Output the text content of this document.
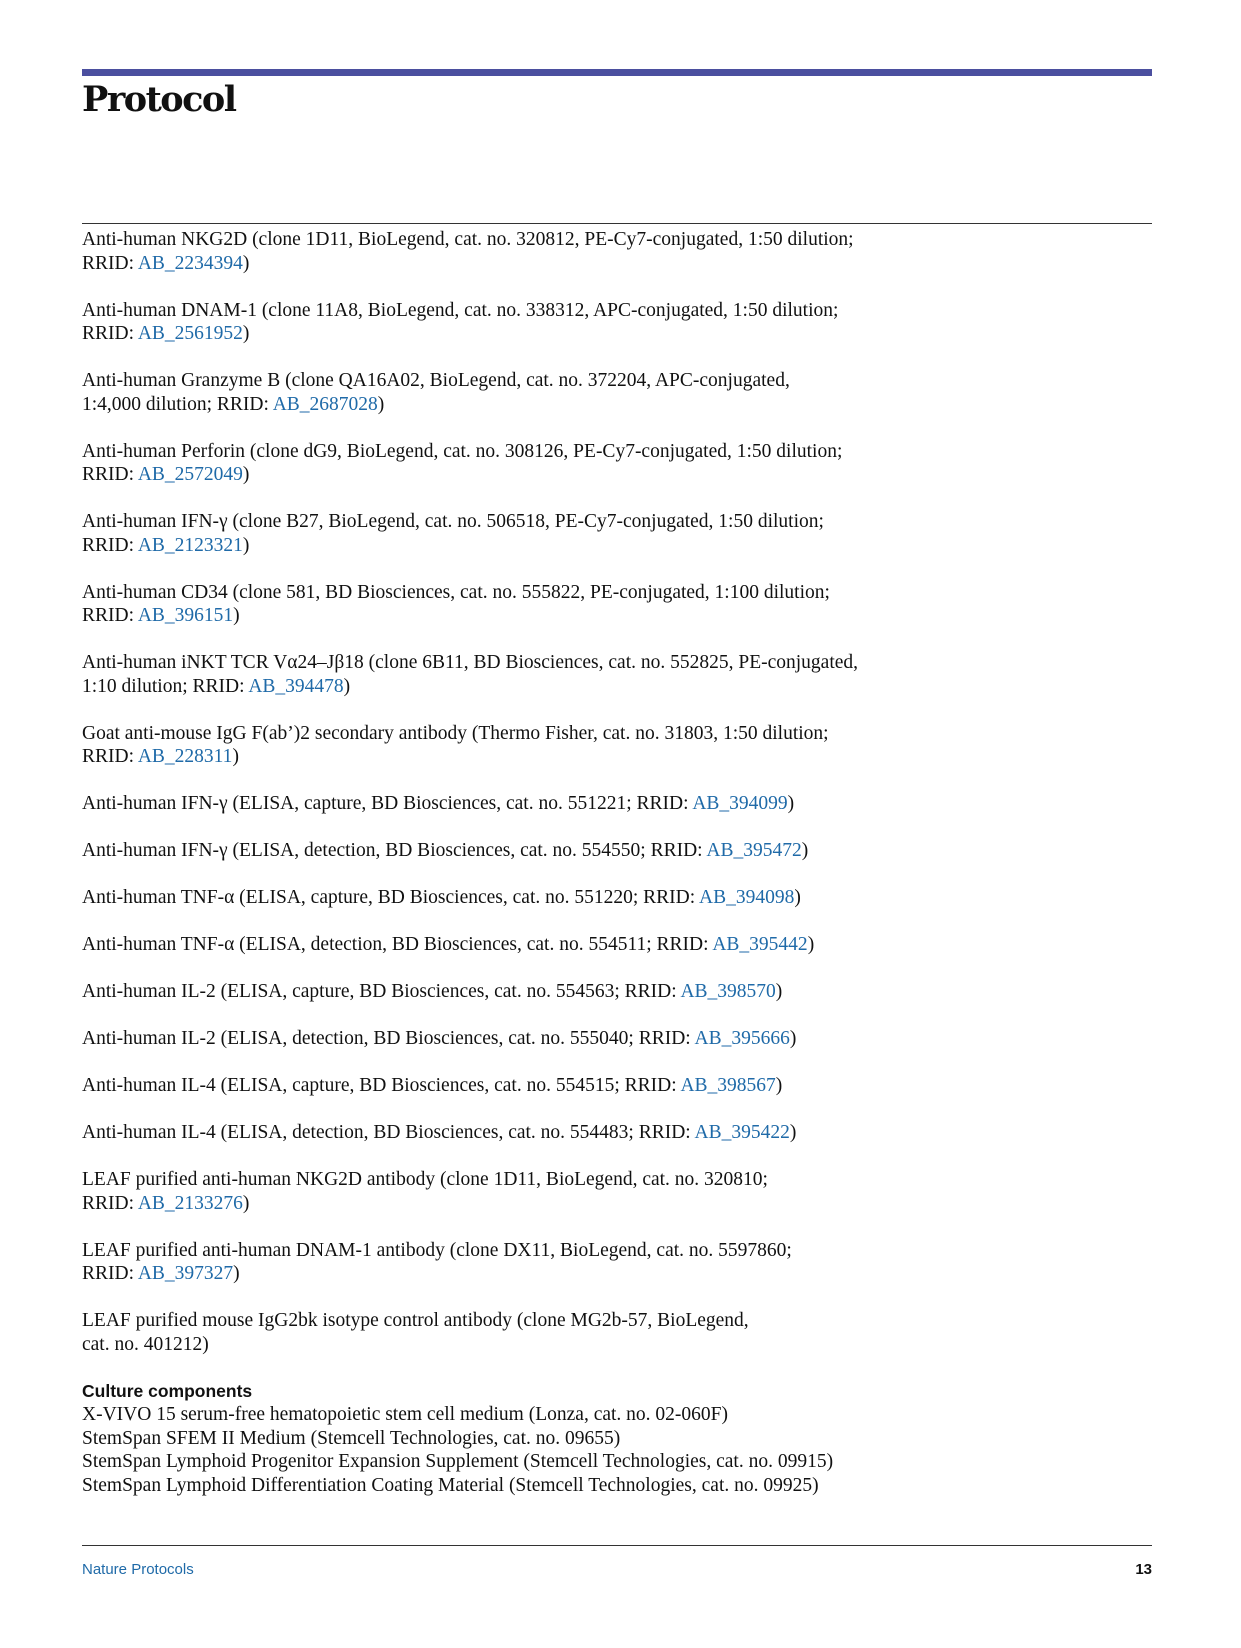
Protocol

Anti-human NKG2D (clone 1D11, BioLegend, cat. no. 320812, PE-Cy7-conjugated, 1:50 dilution;
RRID: AB_2234394)

Anti-human DNAM-1 (clone 11A8, BioLegend, cat. no. 338312, APC-conjugated, 1:50 dilution;
RRID: AB_2561952)

Anti-human Granzyme B (clone QA16A02, BioLegend, cat. no. 372204, APC-conjugated,
1:4,000 dilution; RRID: AB_2687028)

Anti-human Perforin (clone dG9, BioLegend, cat. no. 308126, PE-Cy7-conjugated, 1:50 dilution;
RRID: AB_2572049)

Anti-human IFN-γ (clone B27, BioLegend, cat. no. 506518, PE-Cy7-conjugated, 1:50 dilution;
RRID: AB_2123321)

Anti-human CD34 (clone 581, BD Biosciences, cat. no. 555822, PE-conjugated, 1:100 dilution;
RRID: AB_396151)

Anti-human iNKT TCR Vα24–Jβ18 (clone 6B11, BD Biosciences, cat. no. 552825, PE-conjugated,
1:10 dilution; RRID: AB_394478)

Goat anti-mouse IgG F(ab’)2 secondary antibody (Thermo Fisher, cat. no. 31803, 1:50 dilution;
RRID: AB_228311)

Anti-human IFN-γ (ELISA, capture, BD Biosciences, cat. no. 551221; RRID: AB_394099)

Anti-human IFN-γ (ELISA, detection, BD Biosciences, cat. no. 554550; RRID: AB_395472)

Anti-human TNF-α (ELISA, capture, BD Biosciences, cat. no. 551220; RRID: AB_394098)

Anti-human TNF-α (ELISA, detection, BD Biosciences, cat. no. 554511; RRID: AB_395442)

Anti-human IL-2 (ELISA, capture, BD Biosciences, cat. no. 554563; RRID: AB_398570)

Anti-human IL-2 (ELISA, detection, BD Biosciences, cat. no. 555040; RRID: AB_395666)

Anti-human IL-4 (ELISA, capture, BD Biosciences, cat. no. 554515; RRID: AB_398567)

Anti-human IL-4 (ELISA, detection, BD Biosciences, cat. no. 554483; RRID: AB_395422)

LEAF purified anti-human NKG2D antibody (clone 1D11, BioLegend, cat. no. 320810;
RRID: AB_2133276)

LEAF purified anti-human DNAM-1 antibody (clone DX11, BioLegend, cat. no. 5597860;
RRID: AB_397327)

LEAF purified mouse IgG2bk isotype control antibody (clone MG2b-57, BioLegend,
cat. no. 401212)

Culture components
X-VIVO 15 serum-free hematopoietic stem cell medium (Lonza, cat. no. 02-060F)
StemSpan SFEM II Medium (Stemcell Technologies, cat. no. 09655)
StemSpan Lymphoid Progenitor Expansion Supplement (Stemcell Technologies, cat. no. 09915)
StemSpan Lymphoid Differentiation Coating Material (Stemcell Technologies, cat. no. 09925)
Nature Protocols	13
